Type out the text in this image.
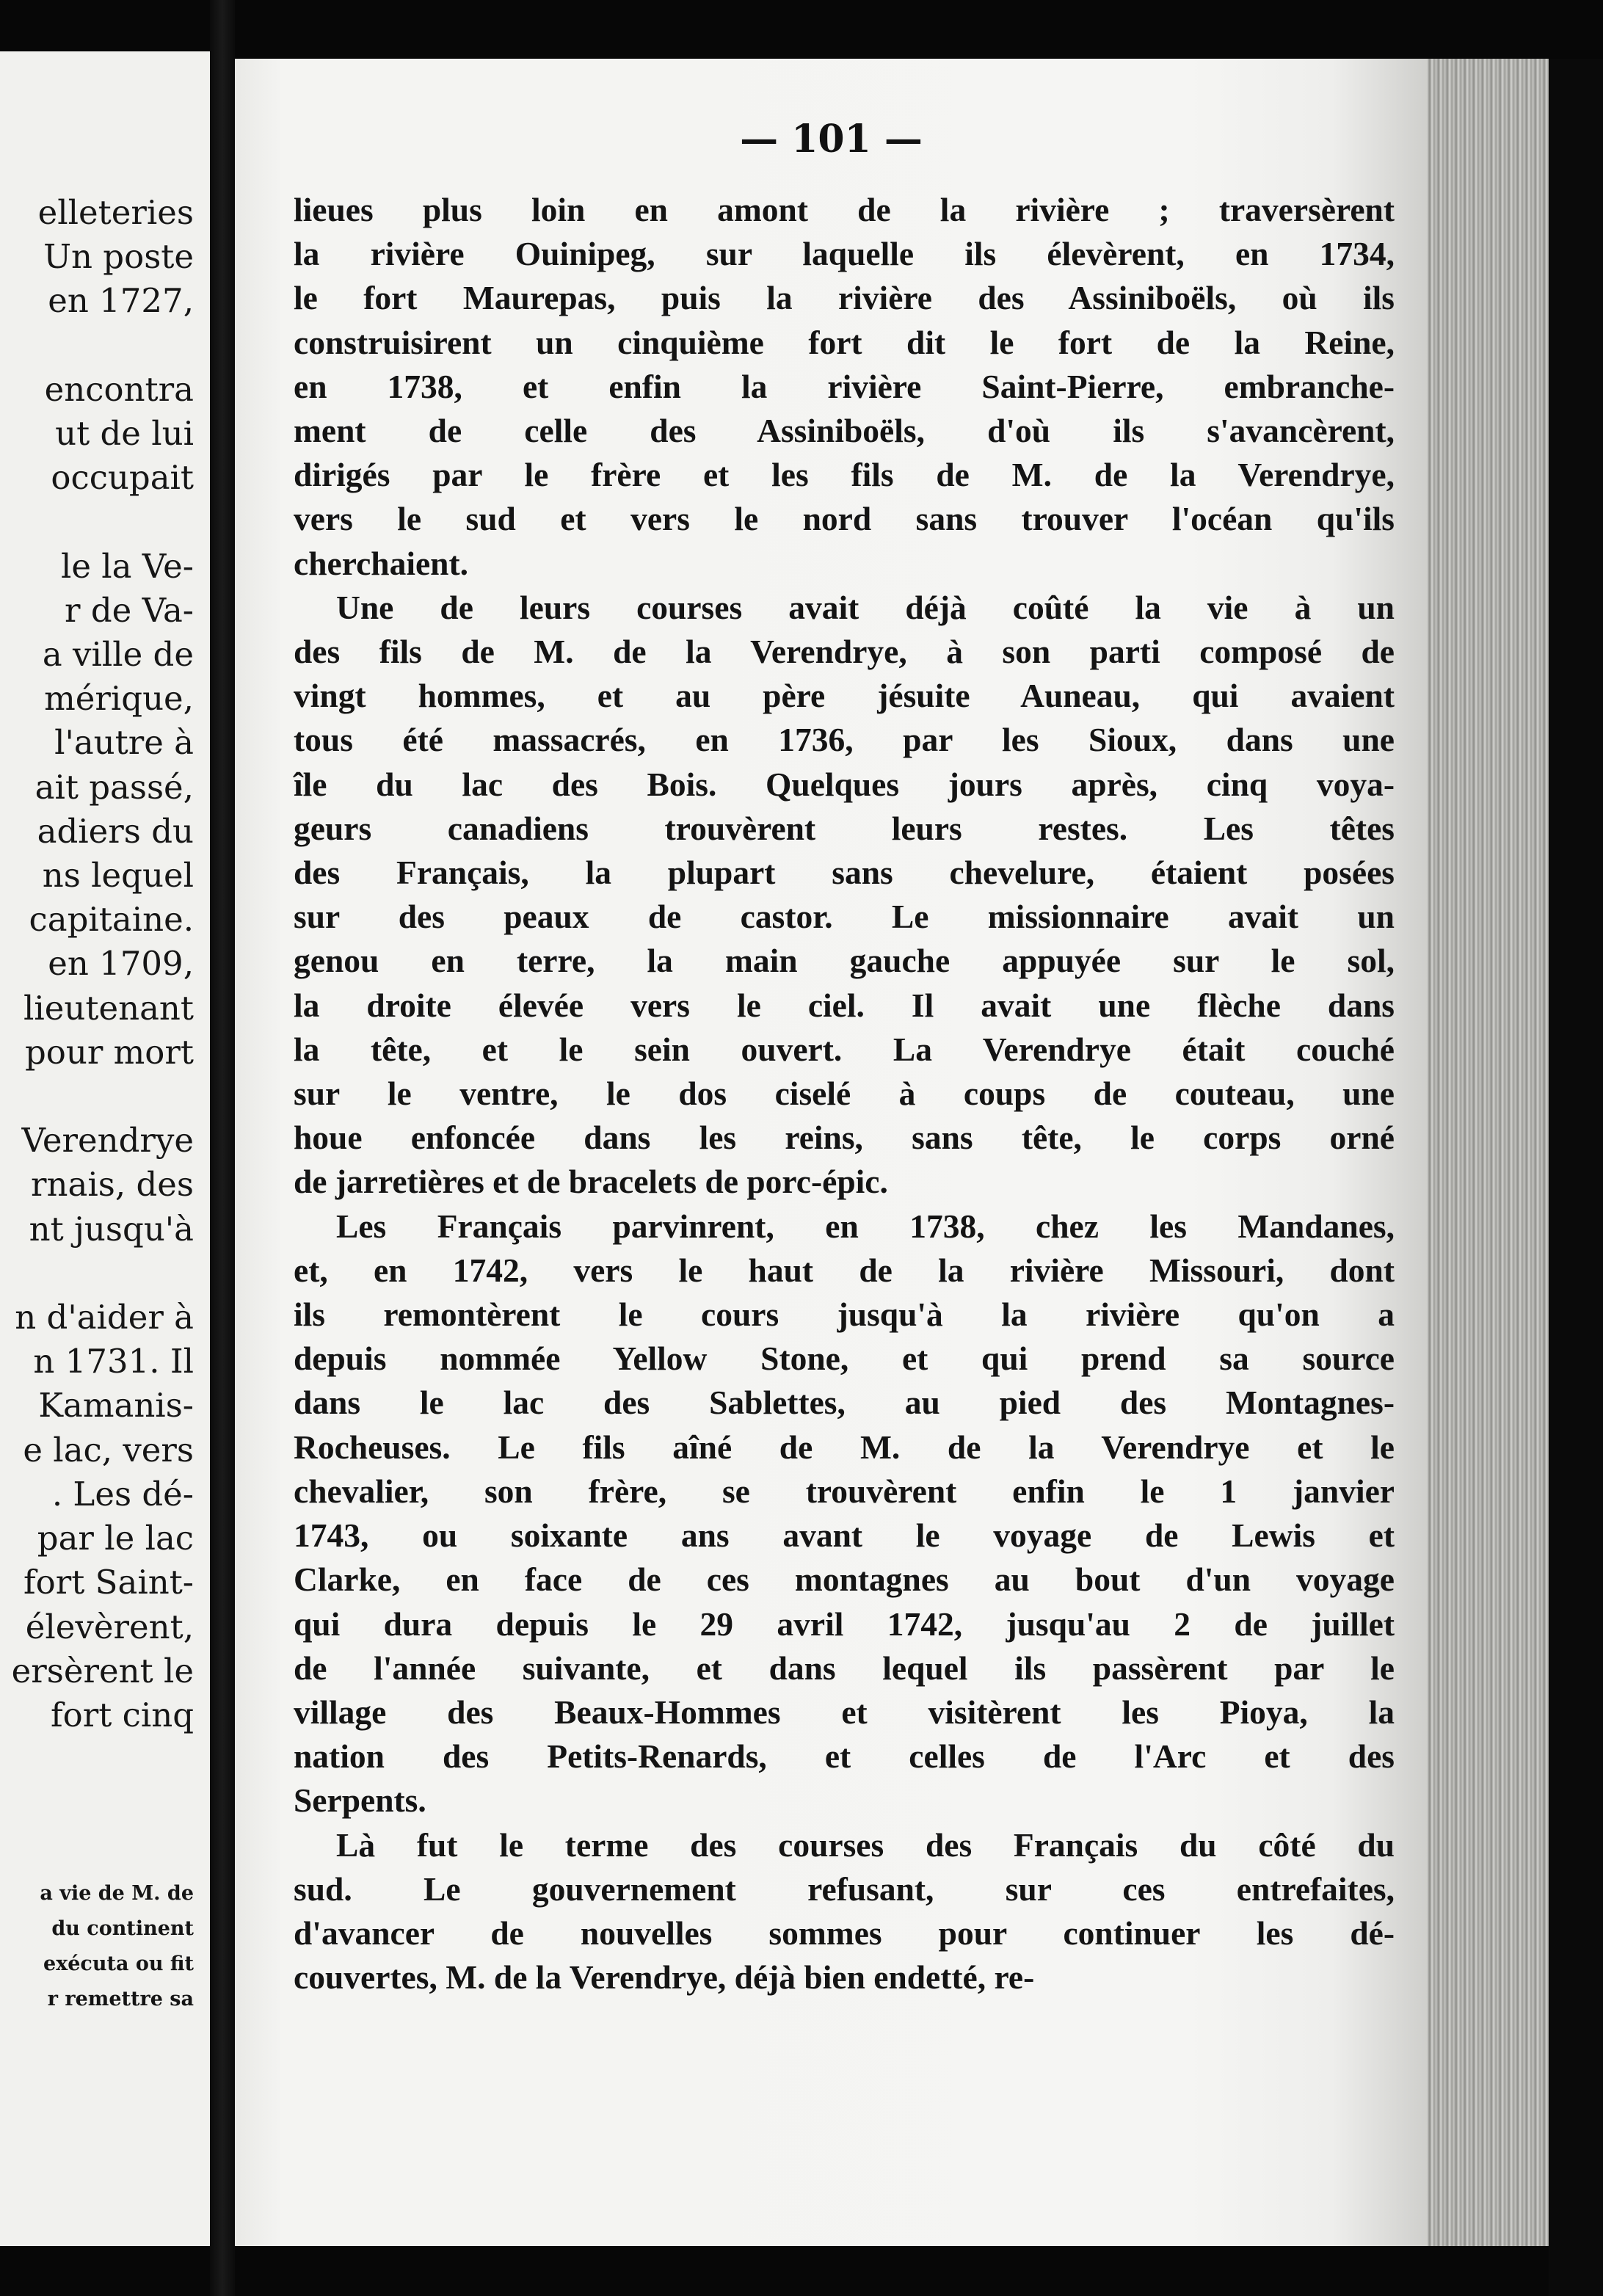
elleteries
Un poste
en 1727,

encontra
ut de lui
occupait

le la Ve-
r de Va-
a ville de
mérique,
l'autre à
ait passé,
adiers du
ns lequel
capitaine.
en 1709,
lieutenant
pour mort

Verendrye
rnais, des
nt jusqu'à

n d'aider à
n 1731. Il
Kamanis-
e lac, vers
. Les dé-
par le lac
fort Saint-
élevèrent,
ersèrent le
fort cinq
a vie de M. de
du continent
exécuta ou fit
r remettre sa
— 101 —
lieues plus loin en amont de la rivière ; traversèrent
la rivière Ouinipeg, sur laquelle ils élevèrent, en 1734,
le fort Maurepas, puis la rivière des Assiniboëls, où ils
construisirent un cinquième fort dit le fort de la Reine,
en 1738, et enfin la rivière Saint-Pierre, embranche-
ment de celle des Assiniboëls, d'où ils s'avancèrent,
dirigés par le frère et les fils de M. de la Verendrye,
vers le sud et vers le nord sans trouver l'océan qu'ils
cherchaient.
Une de leurs courses avait déjà coûté la vie à un
des fils de M. de la Verendrye, à son parti composé de
vingt hommes, et au père jésuite Auneau, qui avaient
tous été massacrés, en 1736, par les Sioux, dans une
île du lac des Bois. Quelques jours après, cinq voya-
geurs canadiens trouvèrent leurs restes. Les têtes
des Français, la plupart sans chevelure, étaient posées
sur des peaux de castor. Le missionnaire avait un
genou en terre, la main gauche appuyée sur le sol,
la droite élevée vers le ciel. Il avait une flèche dans
la tête, et le sein ouvert. La Verendrye était couché
sur le ventre, le dos ciselé à coups de couteau, une
houe enfoncée dans les reins, sans tête, le corps orné
de jarretières et de bracelets de porc-épic.
Les Français parvinrent, en 1738, chez les Mandanes,
et, en 1742, vers le haut de la rivière Missouri, dont
ils remontèrent le cours jusqu'à la rivière qu'on a
depuis nommée Yellow Stone, et qui prend sa source
dans le lac des Sablettes, au pied des Montagnes-
Rocheuses. Le fils aîné de M. de la Verendrye et le
chevalier, son frère, se trouvèrent enfin le 1 janvier
1743, ou soixante ans avant le voyage de Lewis et
Clarke, en face de ces montagnes au bout d'un voyage
qui dura depuis le 29 avril 1742, jusqu'au 2 de juillet
de l'année suivante, et dans lequel ils passèrent par le
village des Beaux-Hommes et visitèrent les Pioya, la
nation des Petits-Renards, et celles de l'Arc et des
Serpents.
Là fut le terme des courses des Français du côté du
sud. Le gouvernement refusant, sur ces entrefaites,
d'avancer de nouvelles sommes pour continuer les dé-
couvertes, M. de la Verendrye, déjà bien endetté, re-
